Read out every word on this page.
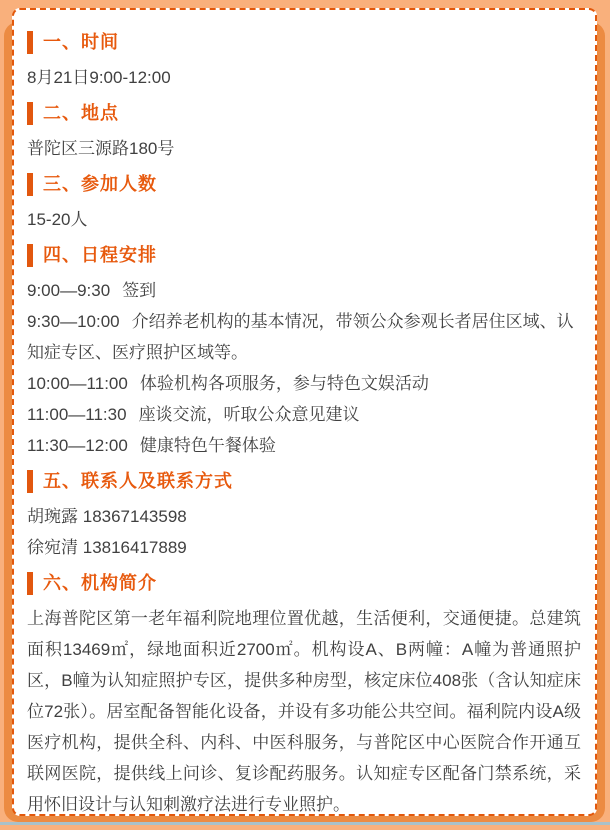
一、时间

8月21日9:00-12:00

二、地点

普陀区三源路180号

三、参加人数

15-20人

四、日程安排

9:00—9:30 签到

9:30—10:00 介绍养老机构的基本情况，带领公众参观长者居住区域、认知症专区、医疗照护区域等。

10:00—11:00 体验机构各项服务，参与特色文娱活动

11:00—11:30 座谈交流，听取公众意见建议

11:30—12:00 健康特色午餐体验

五、联系人及联系方式

胡琬露 18367143598

徐宛清 13816417889

六、机构简介

上海普陀区第一老年福利院地理位置优越，生活便利，交通便捷。总建筑面积13469㎡，绿地面积近2700㎡。机构设A、B两幢：A幢为普通照护区，B幢为认知症照护专区，提供多种房型，核定床位408张（含认知症床位72张）。居室配备智能化设备，并设有多功能公共空间。福利院内设A级医疗机构，提供全科、内科、中医科服务，与普陀区中心医院合作开通互联网医院，提供线上问诊、复诊配药服务。认知症专区配备门禁系统，采用怀旧设计与认知刺激疗法进行专业照护。
